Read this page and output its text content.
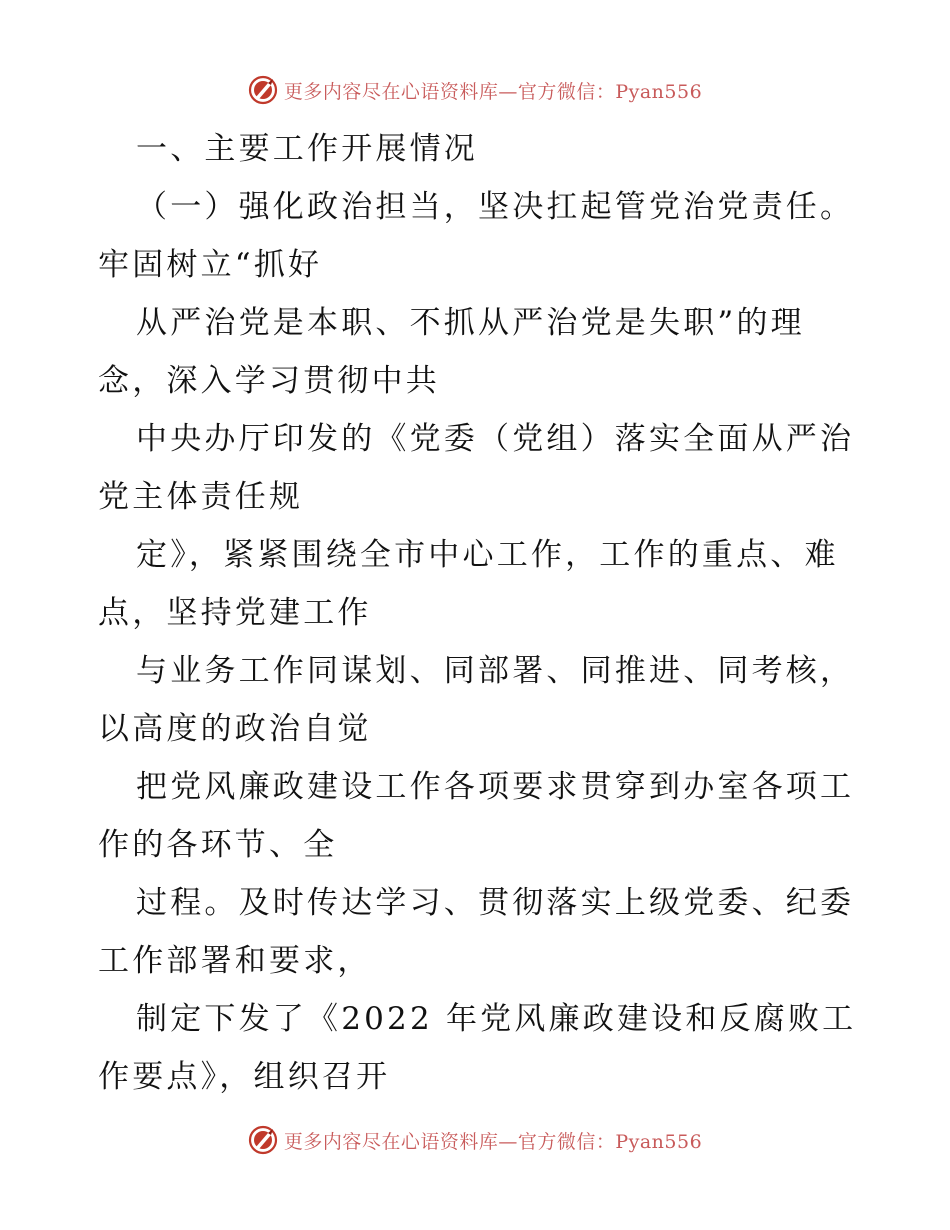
更多内容尽在心语资料库—官方微信：Pyan556

一、主要工作开展情况

（一）强化政治担当，坚决扛起管党治党责任。

牢固树立“抓好

从严治党是本职、不抓从严治党是失职”的理

念，深入学习贯彻中共

中央办厅印发的《党委（党组）落实全面从严治

党主体责任规

定》，紧紧围绕全市中心工作，工作的重点、难

点，坚持党建工作

与业务工作同谋划、同部署、同推进、同考核，

以高度的政治自觉

把党风廉政建设工作各项要求贯穿到办室各项工

作的各环节、全

过程。及时传达学习、贯彻落实上级党委、纪委

工作部署和要求，

制定下发了《2022 年党风廉政建设和反腐败工

作要点》，组织召开

更多内容尽在心语资料库—官方微信：Pyan556
